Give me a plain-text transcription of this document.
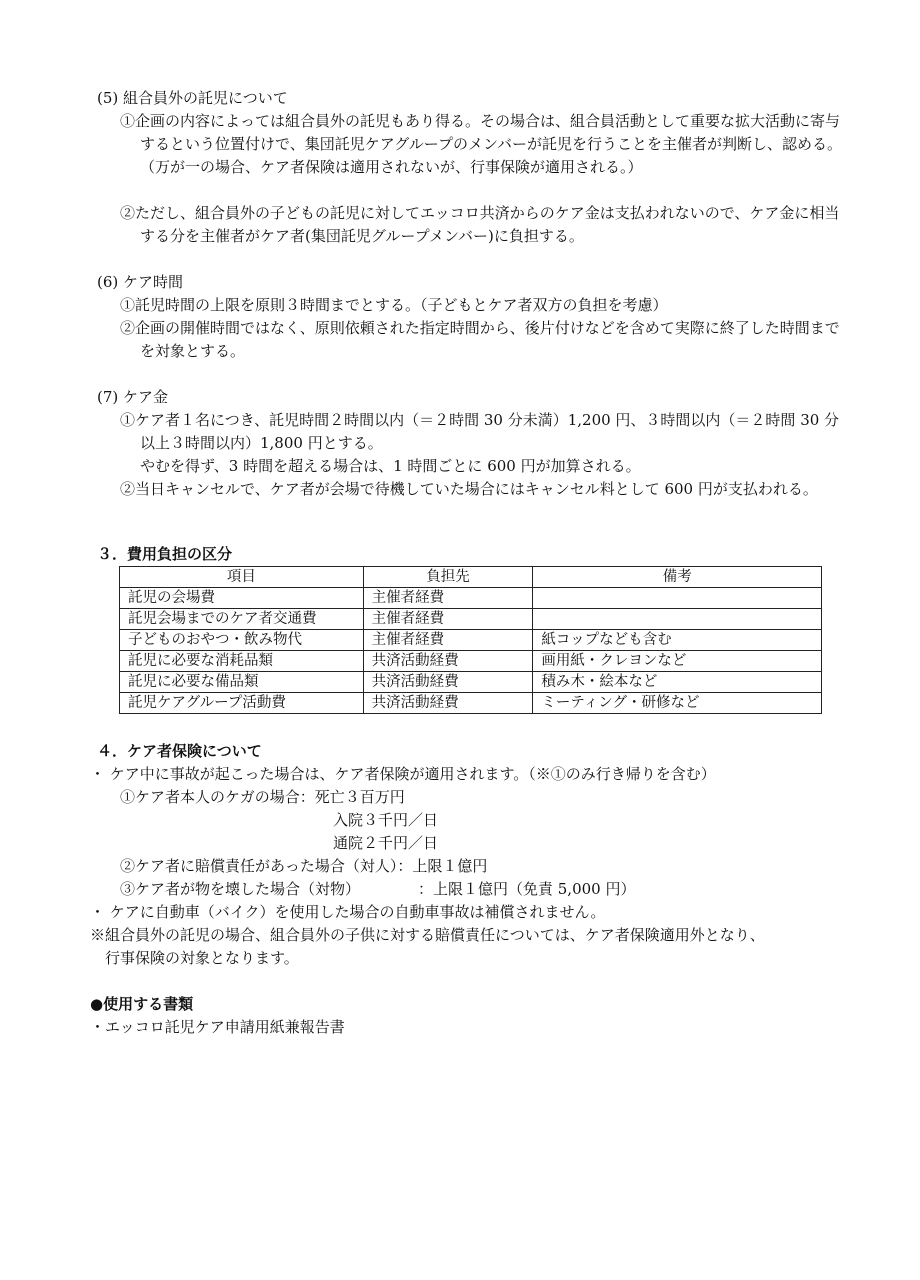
(5) 組合員外の託児について
①企画の内容によっては組合員外の託児もあり得る。その場合は、組合員活動として重要な拡大活動に寄与するという位置付けで、集団託児ケアグループのメンバーが託児を行うことを主催者が判断し、認める。（万が一の場合、ケア者保険は適用されないが、行事保険が適用される。）
②ただし、組合員外の子どもの託児に対してエッコロ共済からのケア金は支払われないので、ケア金に相当する分を主催者がケア者(集団託児グループメンバー)に負担する。
(6) ケア時間
①託児時間の上限を原則３時間までとする。（子どもとケア者双方の負担を考慮）
②企画の開催時間ではなく、原則依頼された指定時間から、後片付けなどを含めて実際に終了した時間までを対象とする。
(7) ケア金
①ケア者１名につき、託児時間２時間以内（＝２時間 30 分未満）1,200 円、３時間以内（＝２時間 30 分以上３時間以内）1,800 円とする。
やむを得ず、3 時間を超える場合は、1 時間ごとに 600 円が加算される。
②当日キャンセルで、ケア者が会場で待機していた場合にはキャンセル料として 600 円が支払われる。
３．費用負担の区分
項目	負担先	備考
託児の会場費	主催者経費	
託児会場までのケア者交通費	主催者経費	
子どものおやつ・飲み物代	主催者経費	紙コップなども含む
託児に必要な消耗品類	共済活動経費	画用紙・クレヨンなど
託児に必要な備品類	共済活動経費	積み木・絵本など
託児ケアグループ活動費	共済活動経費	ミーティング・研修など
４．ケア者保険について
・ ケア中に事故が起こった場合は、ケア者保険が適用されます。（※①のみ行き帰りを含む）
①ケア者本人のケガの場合：死亡３百万円
入院３千円／日
通院２千円／日
②ケア者に賠償責任があった場合（対人）：上限１億円
③ケア者が物を壊した場合（対物）	：上限１億円（免責 5,000 円）
・ ケアに自動車（バイク）を使用した場合の自動車事故は補償されません。
※組合員外の託児の場合、組合員外の子供に対する賠償責任については、ケア者保険適用外となり、
行事保険の対象となります。
●使用する書類
・エッコロ託児ケア申請用紙兼報告書
